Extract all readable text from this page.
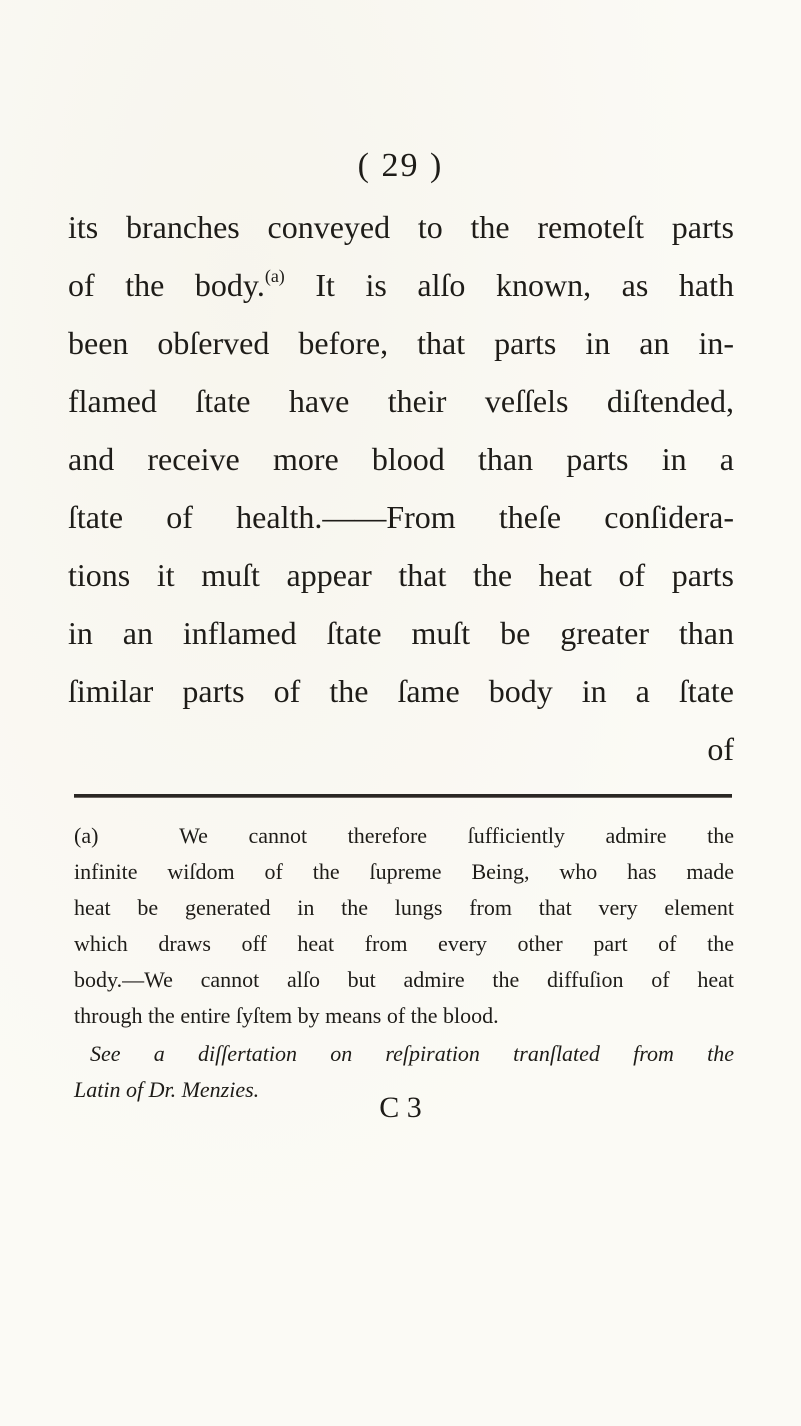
( 29 )
its branches conveyed to the remoteſt parts
of the body.$^{(a)}$ It is alſo known, as hath
been obſerved before, that parts in an in-
flamed ſtate have their veſſels diſtended,
and receive more blood than parts in a
ſtate of health.——From theſe conſidera-
tions it muſt appear that the heat of parts
in an inflamed ſtate muſt be greater than
ſimilar parts of the ſame body in a ſtate
of
(a)	We cannot therefore ſufficiently admire the
infinite wiſdom of the ſupreme Being, who has made
heat be generated in the lungs from that very element
which draws off heat from every other part of the
body.—We cannot alſo but admire the diffuſion of heat
through the entire ſyſtem by means of the blood.
See a diſſertation on reſpiration tranſlated from the
Latin of Dr. Menzies.
C 3
